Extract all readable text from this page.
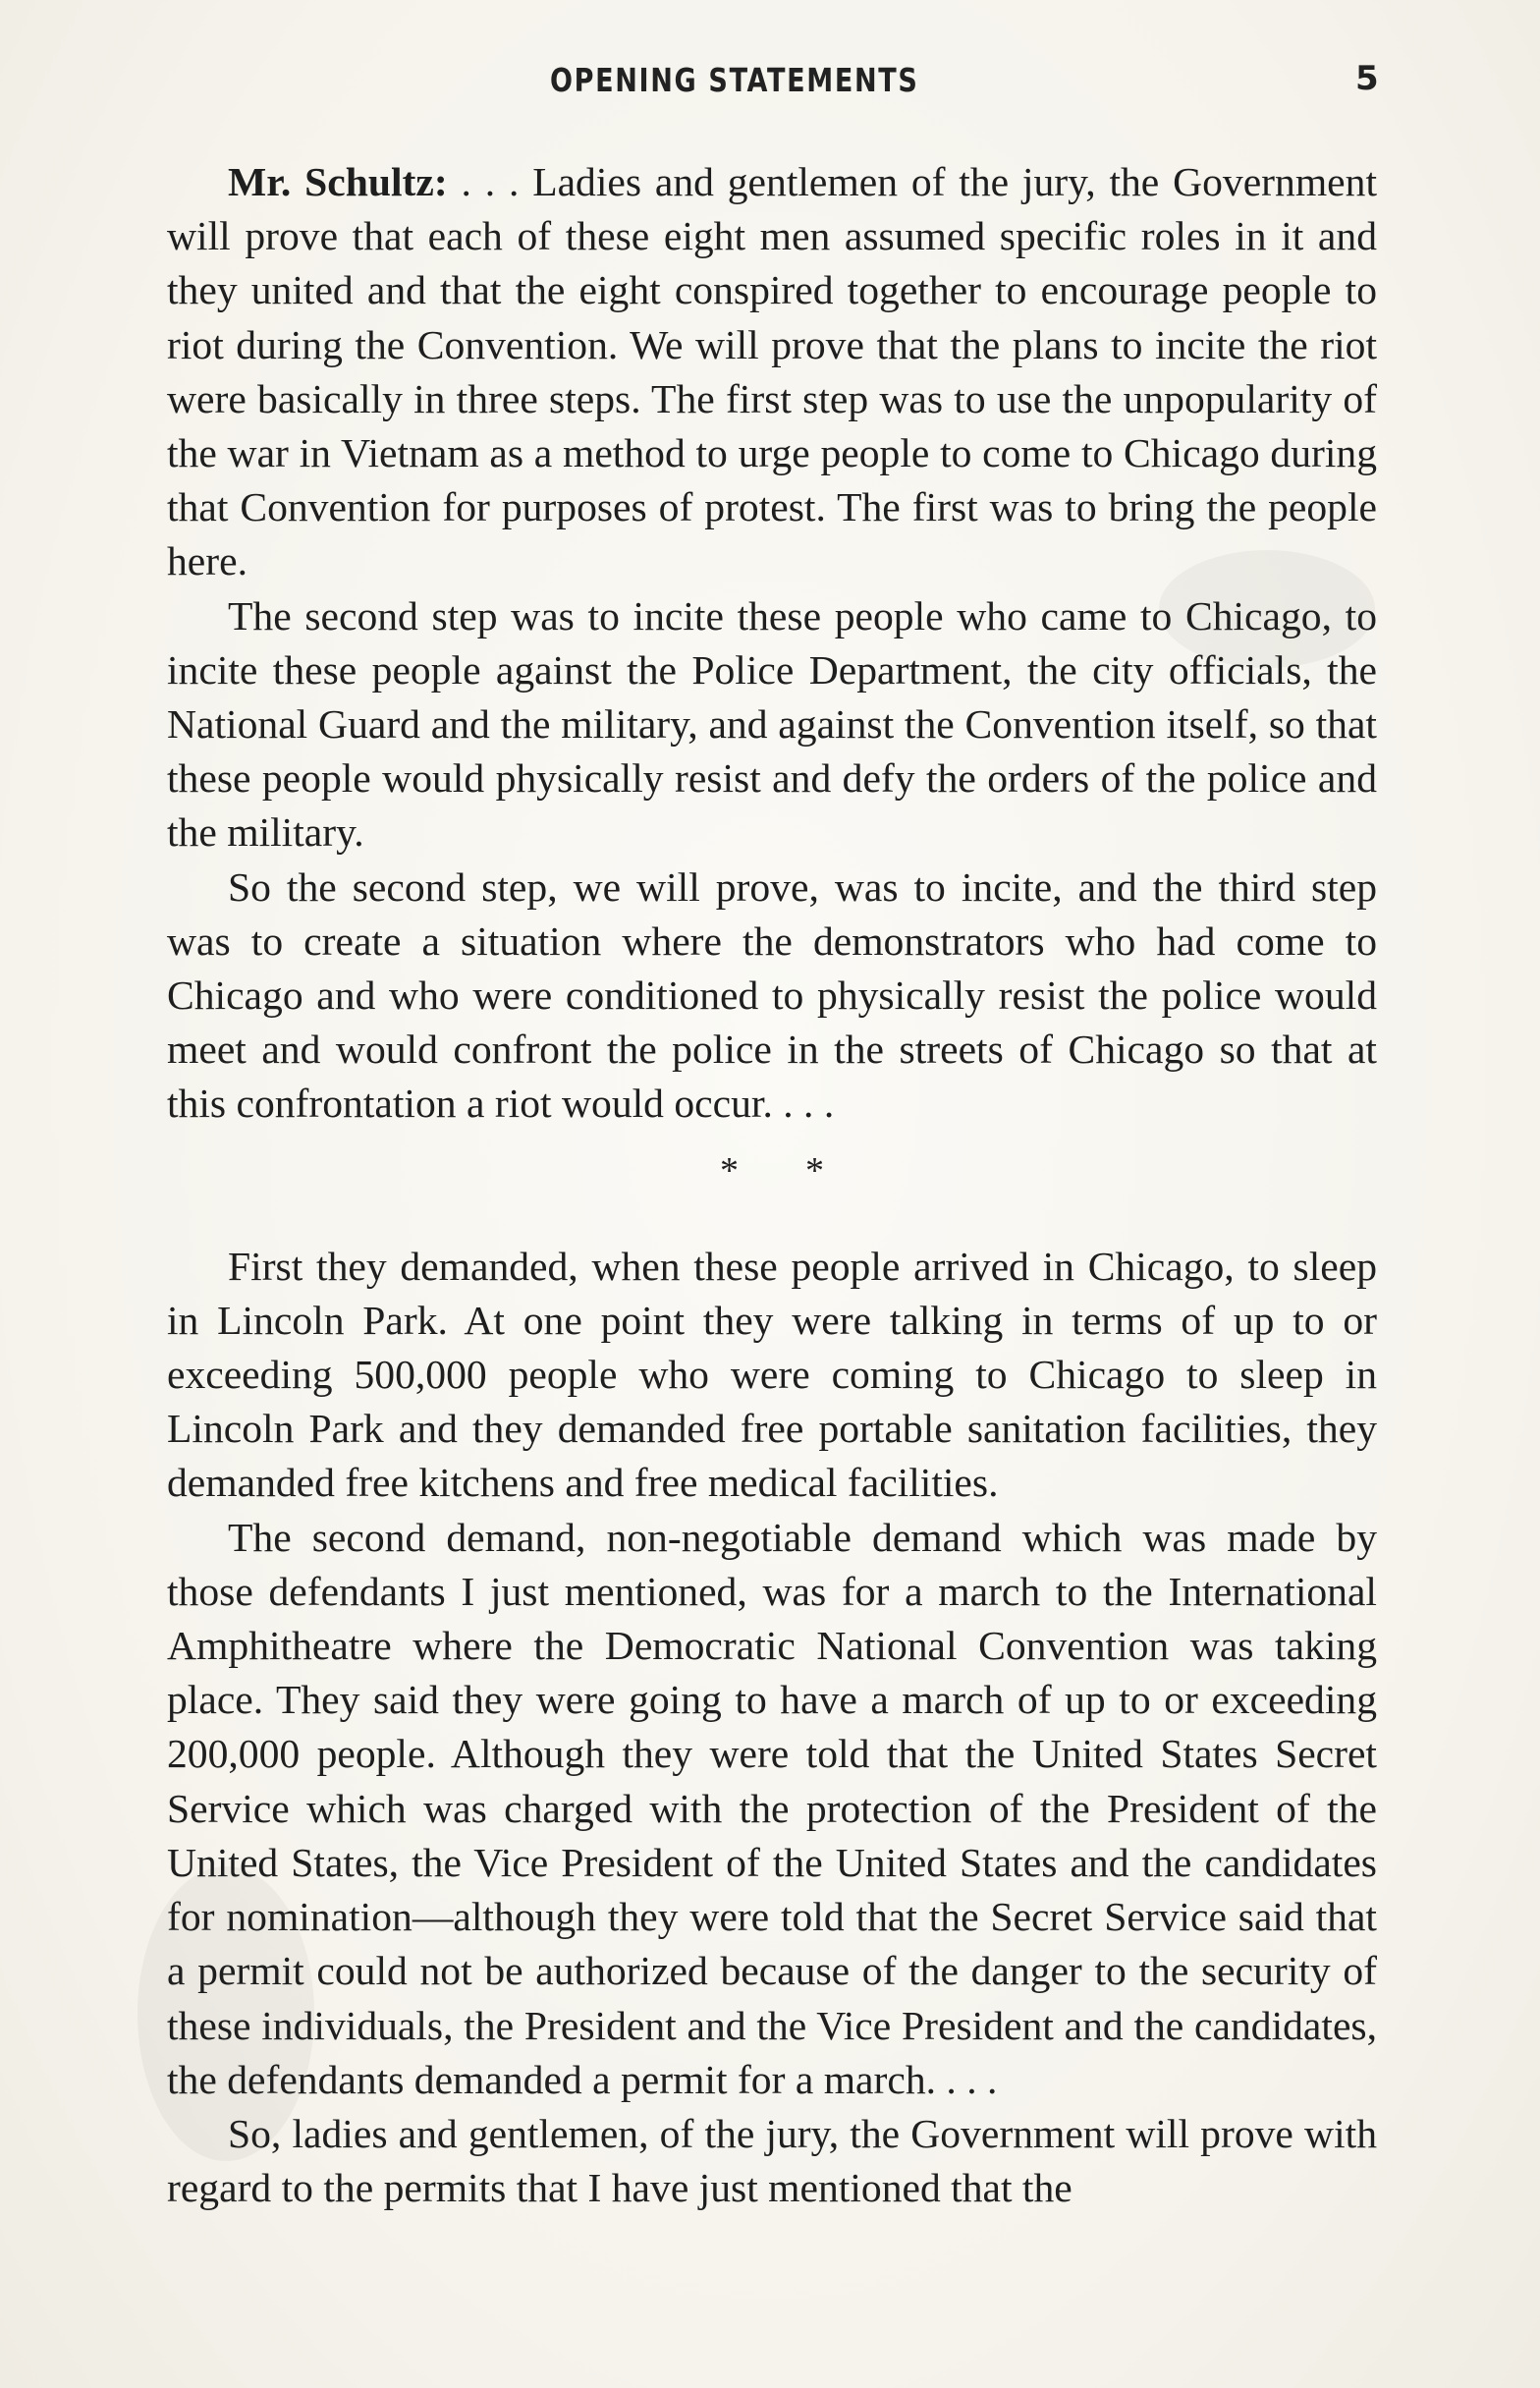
OPENING STATEMENTS	5

Mr. Schultz: . . . Ladies and gentlemen of the jury, the Government will prove that each of these eight men assumed specific roles in it and they united and that the eight conspired together to encourage people to riot during the Convention. We will prove that the plans to incite the riot were basically in three steps. The first step was to use the unpopularity of the war in Vietnam as a method to urge people to come to Chicago during that Convention for purposes of protest. The first was to bring the people here.

The second step was to incite these people who came to Chicago, to incite these people against the Police Department, the city officials, the National Guard and the military, and against the Convention itself, so that these people would physically resist and defy the orders of the police and the military.

So the second step, we will prove, was to incite, and the third step was to create a situation where the demonstrators who had come to Chicago and who were conditioned to physically resist the police would meet and would confront the police in the streets of Chicago so that at this confrontation a riot would occur. . . .

* *

First they demanded, when these people arrived in Chicago, to sleep in Lincoln Park. At one point they were talking in terms of up to or exceeding 500,000 people who were coming to Chicago to sleep in Lincoln Park and they demanded free portable sanitation facilities, they demanded free kitchens and free medical facilities.

The second demand, non-negotiable demand which was made by those defendants I just mentioned, was for a march to the International Amphitheatre where the Democratic National Convention was taking place. They said they were going to have a march of up to or exceeding 200,000 people. Although they were told that the United States Secret Service which was charged with the protection of the President of the United States, the Vice President of the United States and the candidates for nomination—although they were told that the Secret Service said that a permit could not be authorized because of the danger to the security of these individuals, the President and the Vice President and the candidates, the defendants demanded a permit for a march. . . .

So, ladies and gentlemen, of the jury, the Government will prove with regard to the permits that I have just mentioned that the
